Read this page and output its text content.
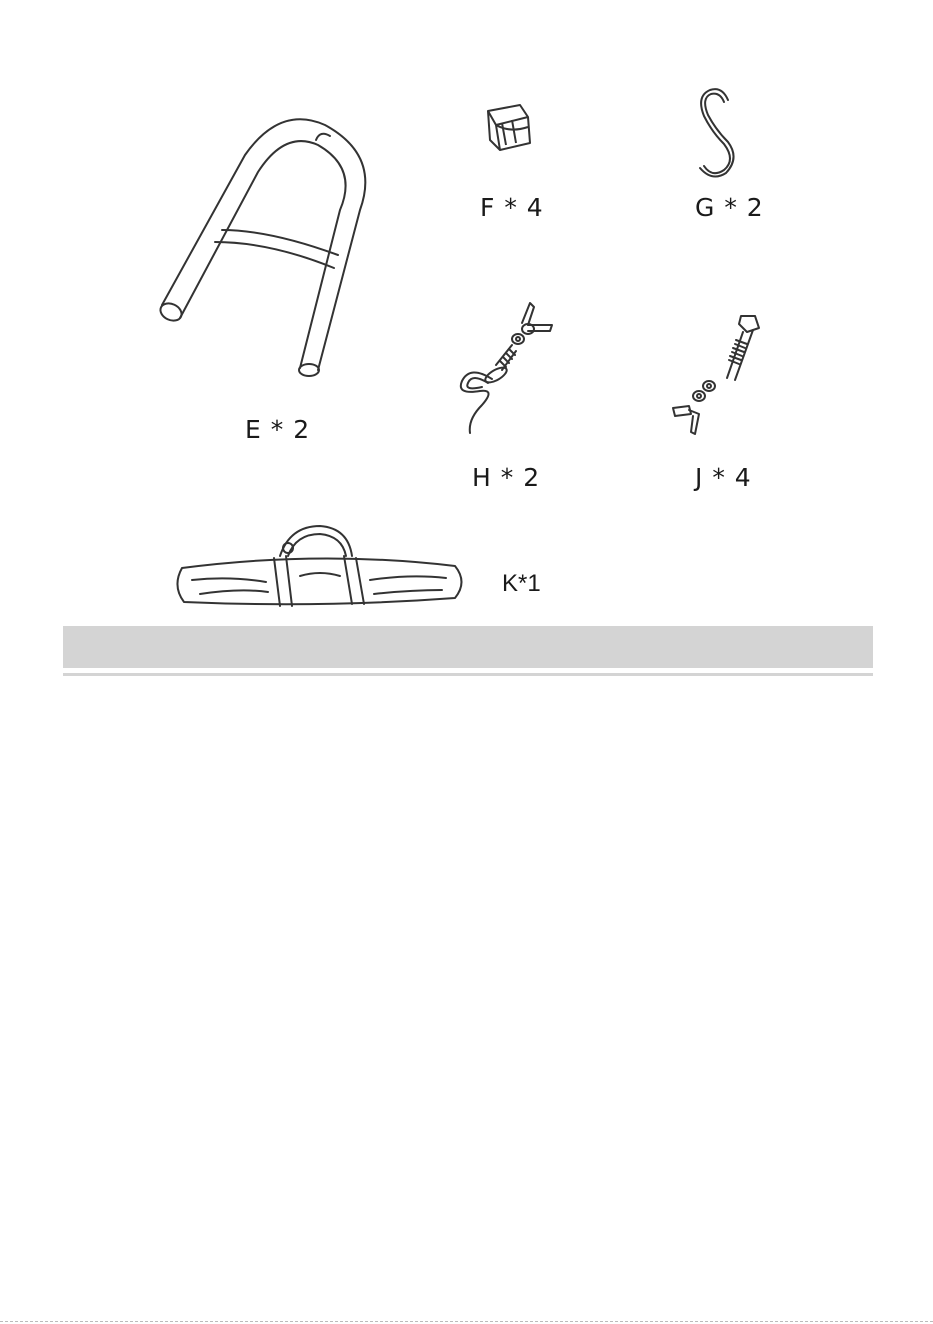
E * 2
F * 4	G * 2
H * 2	J * 4
K*1
